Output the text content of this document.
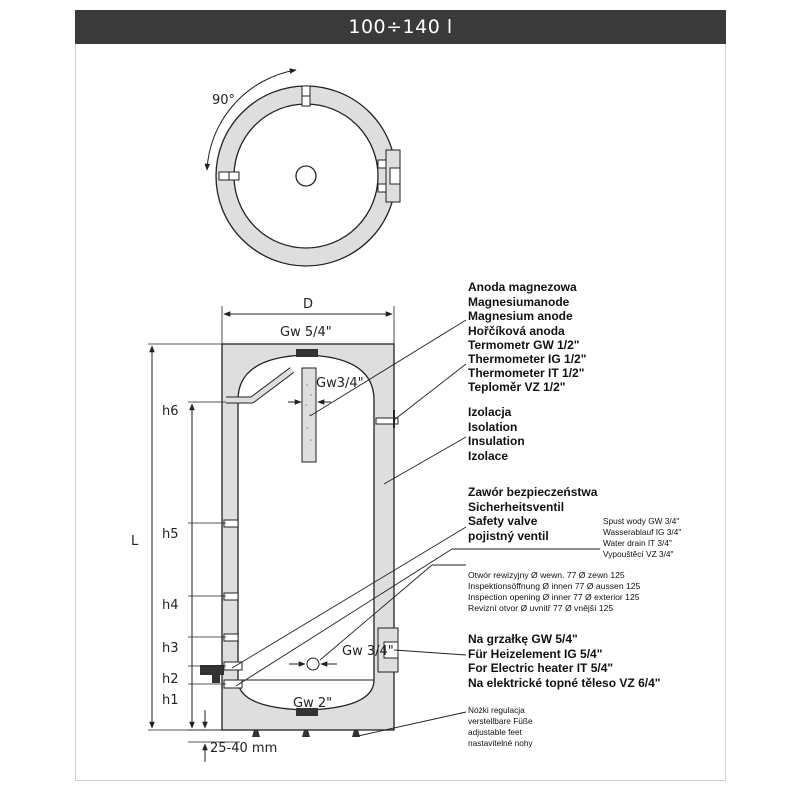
100÷140 l
90°
D
Gw 5/4"
Gw3/4"
Gw 3/4"
Gw 2"
L
h6
h5
h4
h3
h2
h1
25-40 mm
Anoda magnezowa
Magnesiumanode
Magnesium anode
Hořčíková anoda
Termometr GW 1/2"
Thermometer IG 1/2"
Thermometer IT 1/2"
Teploměr VZ 1/2"
Izolacja
Isolation
Insulation
Izolace
Zawór bezpieczeństwa
Sicherheitsventil
Safety valve
pojistný ventil
Spust wody GW 3/4"
Wasserablauf IG 3/4"
Water drain IT 3/4"
Vypouštěcí VZ 3/4"
Otwór rewizyjny Ø wewn. 77 Ø zewn 125
Inspektionsöffnung Ø innen 77 Ø aussen 125
Inspection opening Ø inner 77 Ø exterior 125
Revizní otvor Ø uvnitř 77 Ø vnější 125
Na grzałkę GW 5/4"
Für Heizelement IG 5/4"
For Electric heater IT 5/4"
Na elektrické topné těleso VZ 6/4"
Nóżki regulacja
verstellbare Füße
adjustable feet
nastavitelné nohy
